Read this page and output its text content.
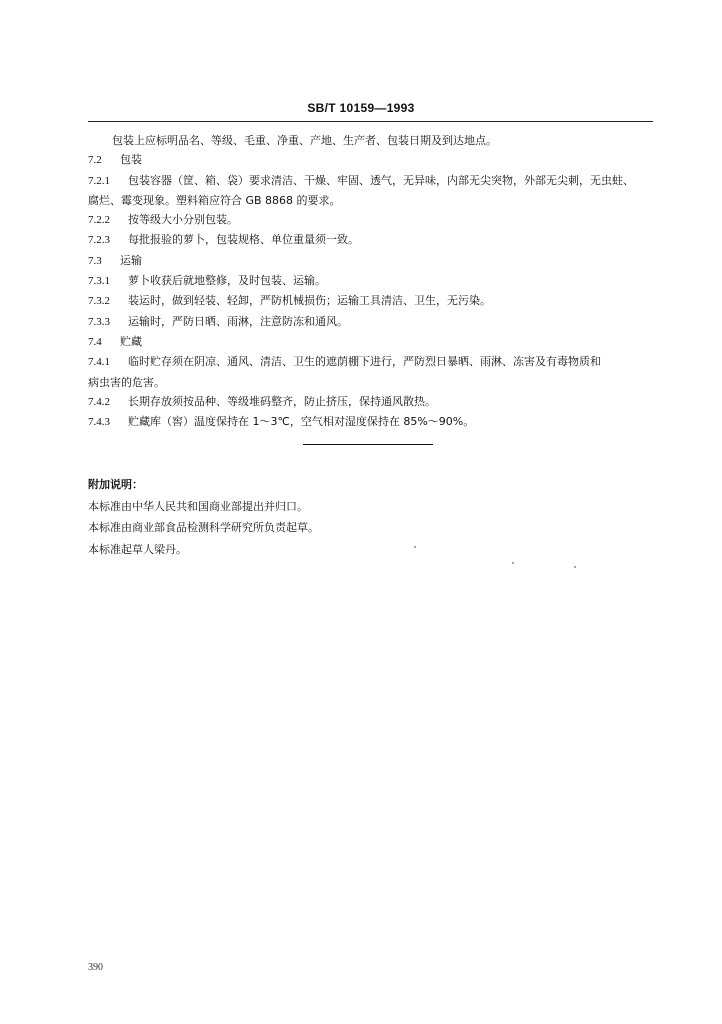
SB/T 10159—1993
包装上应标明品名、等级、毛重、净重、产地、生产者、包装日期及到达地点。
7.2 包装
7.2.1 包装容器（筐、箱、袋）要求清洁、干燥、牢固、透气，无异味，内部无尖突物，外部无尖刺，无虫蛀、
腐烂、霉变现象。塑料箱应符合 GB 8868 的要求。
7.2.2 按等级大小分别包装。
7.2.3 每批报验的萝卜，包装规格、单位重量须一致。
7.3 运输
7.3.1 萝卜收获后就地整修，及时包装、运输。
7.3.2 装运时，做到轻装、轻卸，严防机械损伤；运输工具清洁、卫生，无污染。
7.3.3 运输时，严防日晒、雨淋，注意防冻和通风。
7.4 贮藏
7.4.1 临时贮存须在阴凉、通风、清洁、卫生的遮荫棚下进行，严防烈日暴晒、雨淋、冻害及有毒物质和
病虫害的危害。
7.4.2 长期存放须按品种、等级堆码整齐，防止挤压，保持通风散热。
7.4.3 贮藏库（窖）温度保持在 1～3℃，空气相对湿度保持在 85%～90%。
附加说明：
本标准由中华人民共和国商业部提出并归口。
本标准由商业部食品检测科学研究所负责起草。
本标准起草人梁丹。
390
